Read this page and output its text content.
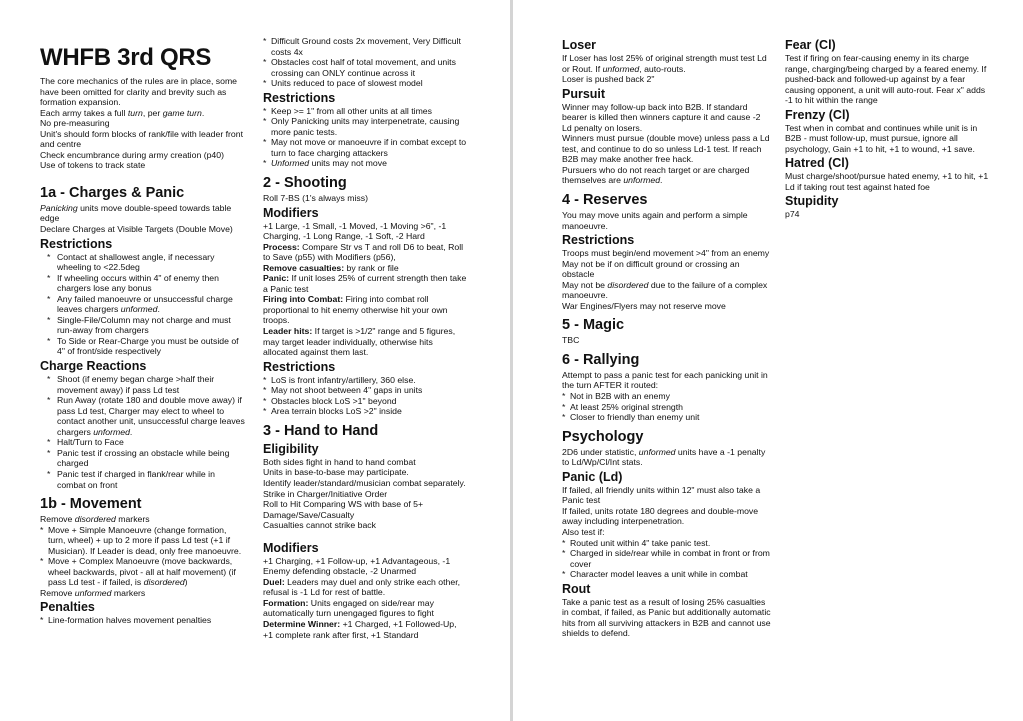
WHFB 3rd QRS

The core mechanics of the rules are in place, some have been omitted for clarity and brevity such as formation expansion.

Each army takes a full turn, per game turn.

No pre-measuring

Unit's should form blocks of rank/file with leader front and centre

Check encumbrance during army creation (p40)

Use of tokens to track state

1a - Charges & Panic

Panicking units move double-speed towards table edge

Declare Charges at Visible Targets (Double Move)

Restrictions
* Contact at shallowest angle, if necessary wheeling to <22.5deg
* If wheeling occurs within 4" of enemy then chargers lose any bonus
* Any failed manoeuvre or unsuccessful charge leaves chargers unformed.
* Single-File/Column may not charge and must run-away from chargers
* To Side or Rear-Charge you must be outside of 4" of front/side respectively
Charge Reactions
* Shoot (if enemy began charge >half their movement away) if pass Ld test
* Run Away (rotate 180 and double move away) if pass Ld test, Charger may elect to wheel to contact another unit, unsuccessful charge leaves chargers unformed.
* Halt/Turn to Face
* Panic test if crossing an obstacle while being charged
* Panic test if charged in flank/rear while in combat on front
1b - Movement

Remove disordered markers

* Move + Simple Manoeuvre (change formation, turn, wheel) + up to 2 more if pass Ld test (+1 if Musician). If Leader is dead, only free manoeuvre.
* Move + Complex Manoeuvre (move backwards, wheel backwards, pivot - all at half movement) (if pass Ld test - if failed, is disordered)

Remove unformed markers

Penalties
* Line-formation halves movement penalties
* Difficult Ground costs 2x movement, Very Difficult costs 4x
* Obstacles cost half of total movement, and units crossing can ONLY continue across it
* Units reduced to pace of slowest model
Restrictions
* Keep >= 1" from all other units at all times
* Only Panicking units may interpenetrate, causing more panic tests.
* May not move or manoeuvre if in combat except to turn to face charging attackers
* Unformed units may not move
2 - Shooting

Roll 7-BS (1's always miss)

Modifiers

+1 Large, -1 Small, -1 Moved, -1 Moving >6", -1 Charging, -1 Long Range, -1 Soft, -2 Hard

Process: Compare Str vs T and roll D6 to beat, Roll to Save (p55) with Modifiers (p56),

Remove casualties: by rank or file

Panic: If unit loses 25% of current strength then take a Panic test

Firing into Combat: Firing into combat roll proportional to hit enemy otherwise hit your own troops.

Leader hits: If target is >1/2" range and 5 figures, may target leader individually, otherwise hits allocated against them last.

Restrictions
* LoS is front infantry/artillery, 360 else.
* May not shoot between 4" gaps in units
* Obstacles block LoS >1" beyond
* Area terrain blocks LoS >2" inside
3 - Hand to Hand
Eligibility

Both sides fight in hand to hand combat

Units in base-to-base may participate.

Identify leader/standard/musician combat separately.

Strike in Charger/Initiative Order

Roll to Hit Comparing WS with base of 5+

Damage/Save/Casualty

Casualties cannot strike back

Modifiers

+1 Charging, +1 Follow-up, +1 Advantageous, -1 Enemy defending obstacle, -2 Unarmed

Duel: Leaders may duel and only strike each other, refusal is -1 Ld for rest of battle.

Formation: Units engaged on side/rear may automatically turn unengaged figures to fight

Determine Winner: +1 Charged, +1 Followed-Up, +1 complete rank after first, +1 Standard

Loser

If Loser has lost 25% of original strength must test Ld or Rout. If unformed, auto-routs.

Loser is pushed back 2"

Pursuit

Winner may follow-up back into B2B. If standard bearer is killed then winners capture it and cause -2 Ld penalty on losers.

Winners must pursue (double move) unless pass a Ld test, and continue to do so unless Ld-1 test. If reach B2B may make another free hack.

Pursuers who do not reach target or are charged themselves are unformed.

4 - Reserves

You may move units again and perform a simple manoeuvre.

Restrictions

Troops must begin/end movement >4" from an enemy

May not be if on difficult ground or crossing an obstacle

May not be disordered due to the failure of a complex manoeuvre.

War Engines/Flyers may not reserve move

5 - Magic

TBC

6 - Rallying

Attempt to pass a panic test for each panicking unit in the turn AFTER it routed:

* Not in B2B with an enemy
* At least 25% original strength
* Closer to friendly than enemy unit
Psychology

2D6 under statistic, unformed units have a -1 penalty to Ld/Wp/Cl/Int stats.

Panic (Ld)

If failed, all friendly units within 12" must also take a Panic test

If failed, units rotate 180 degrees and double-move away including interpenetration.

Also test if:

* Routed unit within 4" take panic test.
* Charged in side/rear while in combat in front or from cover
* Character model leaves a unit while in combat
Rout

Take a panic test as a result of losing 25% casualties in combat, if failed, as Panic but additionally automatic hits from all surviving attackers in B2B and cannot use shields to defend.

Fear (Cl)

Test if firing on fear-causing enemy in its charge range, charging/being charged by a feared enemy. If pushed-back and followed-up against by a fear causing opponent, a unit will auto-rout. Fear x" adds -1 to hit within the range

Frenzy (Cl)

Test when in combat and continues while unit is in B2B - must follow-up, must pursue, ignore all psychology, Gain +1 to hit, +1 to wound, +1 save.

Hatred (Cl)

Must charge/shoot/pursue hated enemy, +1 to hit, +1 Ld if taking rout test against hated foe

Stupidity

p74
